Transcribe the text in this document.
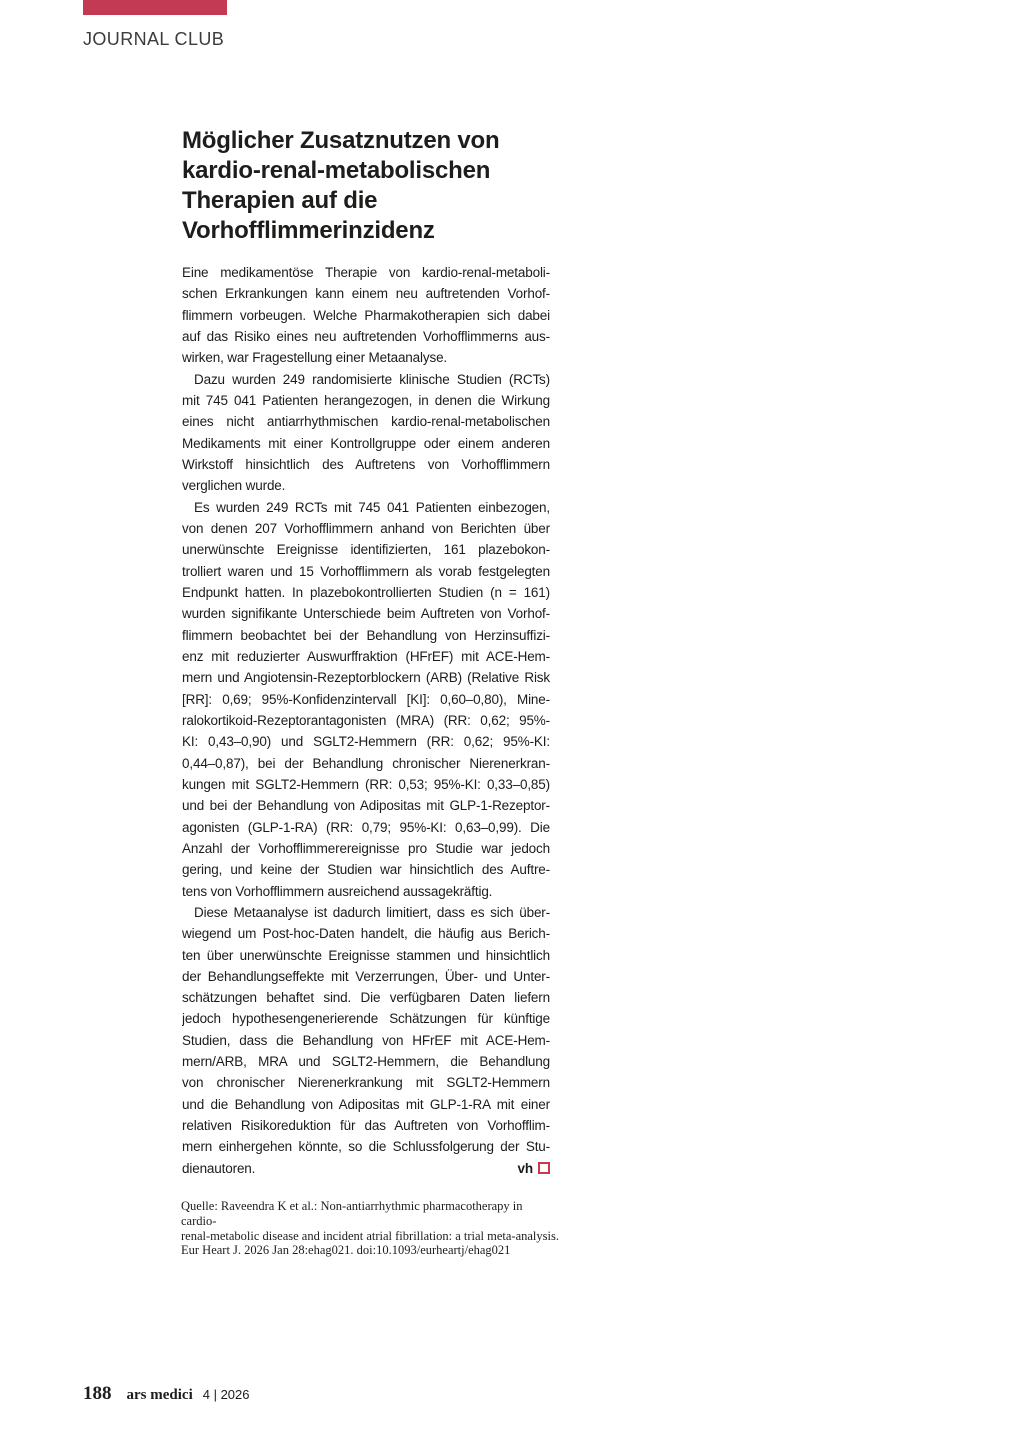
JOURNAL CLUB
Möglicher Zusatznutzen von
kardio-renal-metabolischen
Therapien auf die
Vorhofflimmerinzidenz
Eine medikamentöse Therapie von kardio-renal-metaboli-
schen Erkrankungen kann einem neu auftretenden Vorhof-
flimmern vorbeugen. Welche Pharmakotherapien sich dabei
auf das Risiko eines neu auftretenden Vorhofflimmerns aus-
wirken, war Fragestellung einer Metaanalyse.
Dazu wurden 249 randomisierte klinische Studien (RCTs)
mit 745 041 Patienten herangezogen, in denen die Wirkung
eines nicht antiarrhythmischen kardio-renal-metabolischen
Medikaments mit einer Kontrollgruppe oder einem anderen
Wirkstoff hinsichtlich des Auftretens von Vorhofflimmern
verglichen wurde.
Es wurden 249 RCTs mit 745 041 Patienten einbezogen,
von denen 207 Vorhofflimmern anhand von Berichten über
unerwünschte Ereignisse identifizierten, 161 plazebokon-
trolliert waren und 15 Vorhofflimmern als vorab festgelegten
Endpunkt hatten. In plazebokontrollierten Studien (n = 161)
wurden signifikante Unterschiede beim Auftreten von Vorhof-
flimmern beobachtet bei der Behandlung von Herzinsuffizi-
enz mit reduzierter Auswurffraktion (HFrEF) mit ACE-Hem-
mern und Angiotensin-Rezeptorblockern (ARB) (Relative Risk
[RR]: 0,69; 95%-Konfidenzintervall [KI]: 0,60–0,80), Mine-
ralokortikoid-Rezeptorantagonisten (MRA) (RR: 0,62; 95%-
KI: 0,43–0,90) und SGLT2-Hemmern (RR: 0,62; 95%-KI:
0,44–0,87), bei der Behandlung chronischer Nierenerkran-
kungen mit SGLT2-Hemmern (RR: 0,53; 95%-KI: 0,33–0,85)
und bei der Behandlung von Adipositas mit GLP-1-Rezeptor-
agonisten (GLP-1-RA) (RR: 0,79; 95%-KI: 0,63–0,99). Die
Anzahl der Vorhofflimmerereignisse pro Studie war jedoch
gering, und keine der Studien war hinsichtlich des Auftre-
tens von Vorhofflimmern ausreichend aussagekräftig.
Diese Metaanalyse ist dadurch limitiert, dass es sich über-
wiegend um Post-hoc-Daten handelt, die häufig aus Berich-
ten über unerwünschte Ereignisse stammen und hinsichtlich
der Behandlungseffekte mit Verzerrungen, Über- und Unter-
schätzungen behaftet sind. Die verfügbaren Daten liefern
jedoch hypothesengenerierende Schätzungen für künftige
Studien, dass die Behandlung von HFrEF mit ACE-Hem-
mern/ARB, MRA und SGLT2-Hemmern, die Behandlung
von chronischer Nierenerkrankung mit SGLT2-Hemmern
und die Behandlung von Adipositas mit GLP-1-RA mit einer
relativen Risikoreduktion für das Auftreten von Vorhofflim-
mern einhergehen könnte, so die Schlussfolgerung der Stu-
dienautoren.	vh
Quelle: Raveendra K et al.: Non-antiarrhythmic pharmacotherapy in cardio-
renal-metabolic disease and incident atrial fibrillation: a trial meta-analysis.
Eur Heart J. 2026 Jan 28:ehag021. doi:10.1093/eurheartj/ehag021
188 ars medici 4 | 2026
